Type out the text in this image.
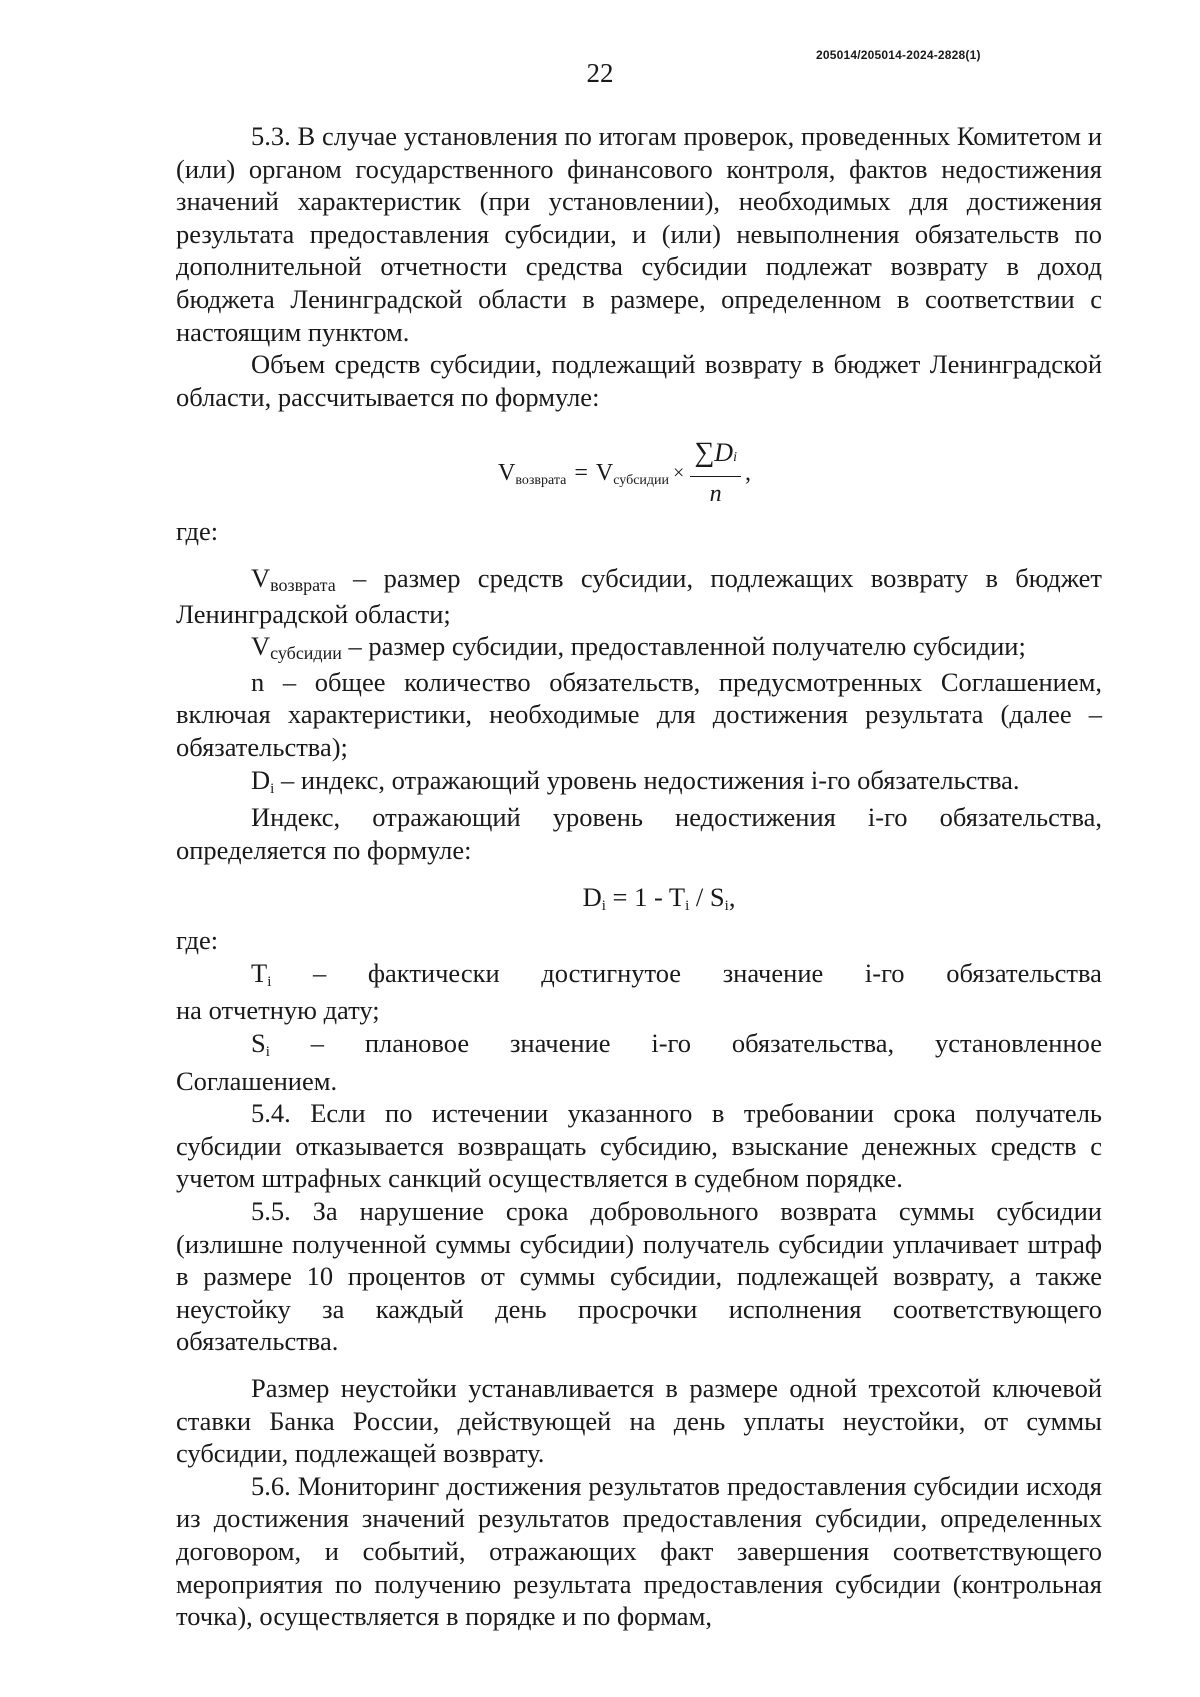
22
205014/205014-2024-2828(1)

5.3. В случае установления по итогам проверок, проведенных Комитетом и (или) органом государственного финансового контроля, фактов недостижения значений характеристик (при установлении), необходимых для достижения результата предоставления субсидии, и (или) невыполнения обязательств по дополнительной отчетности средства субсидии подлежат возврату в доход бюджета Ленинградской области в размере, определенном в соответствии с настоящим пунктом.

Объем средств субсидии, подлежащий возврату в бюджет Ленинградской области, рассчитывается по формуле:

V возврата = V субсидии × $\frac{\sum Di}{n}$ ,

где:

Vвозврата – размер средств субсидии, подлежащих возврату в бюджет Ленинградской области;

Vсубсидии – размер субсидии, предоставленной получателю субсидии;

n – общее количество обязательств, предусмотренных Соглашением, включая характеристики, необходимые для достижения результата (далее – обязательства);

Di – индекс, отражающий уровень недостижения i-го обязательства.

Индекс, отражающий уровень недостижения i-го обязательства, определяется по формуле:

Di = 1 - Ti / Si,

где:

Ti – фактически достигнутое значение i-го обязательства

на отчетную дату;

Si – плановое значение i-го обязательства, установленное

Соглашением.

5.4. Если по истечении указанного в требовании срока получатель субсидии отказывается возвращать субсидию, взыскание денежных средств с учетом штрафных санкций осуществляется в судебном порядке.

5.5. За нарушение срока добровольного возврата суммы субсидии (излишне полученной суммы субсидии) получатель субсидии уплачивает штраф в размере 10 процентов от суммы субсидии, подлежащей возврату, а также неустойку за каждый день просрочки исполнения соответствующего обязательства.

Размер неустойки устанавливается в размере одной трехсотой ключевой ставки Банка России, действующей на день уплаты неустойки, от суммы субсидии, подлежащей возврату.

5.6. Мониторинг достижения результатов предоставления субсидии исходя из достижения значений результатов предоставления субсидии, определенных договором, и событий, отражающих факт завершения соответствующего мероприятия по получению результата предоставления субсидии (контрольная точка), осуществляется в порядке и по формам,
